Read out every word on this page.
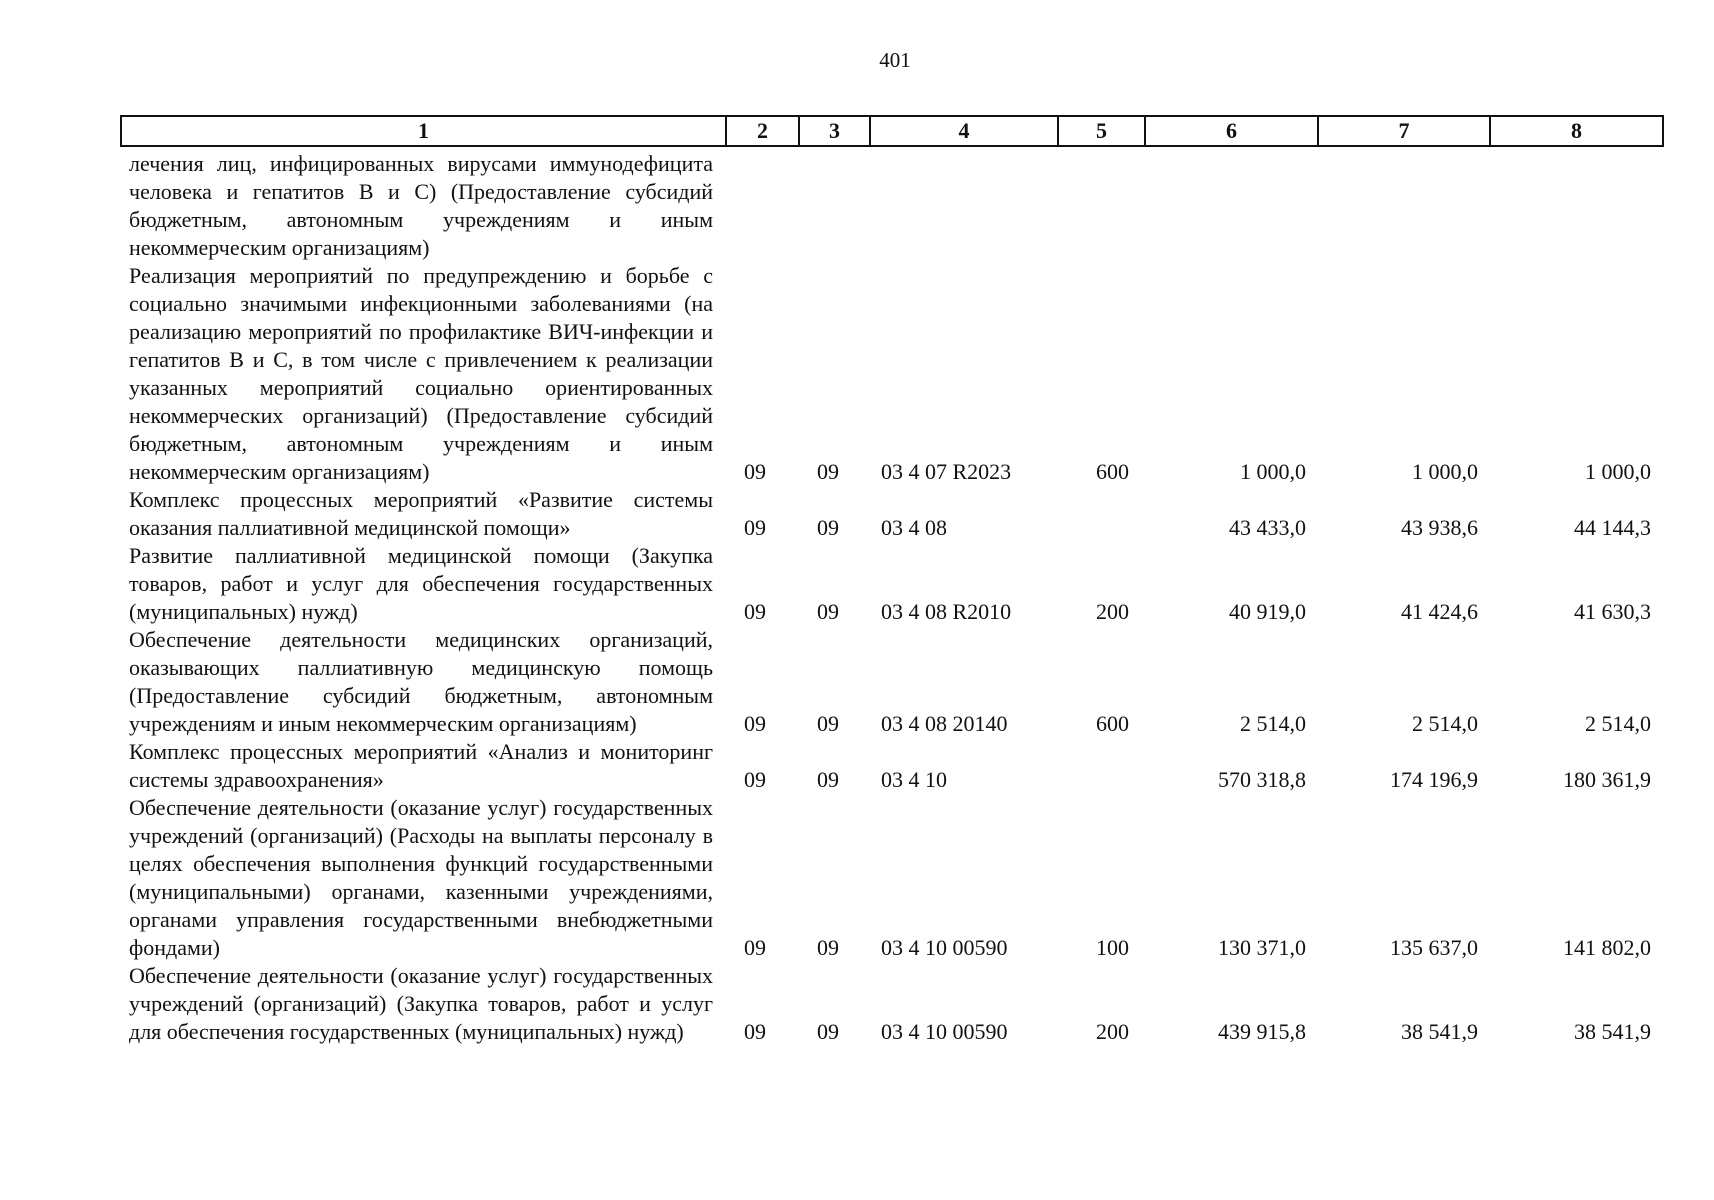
401
1	2	3	4	5	6	7	8
лечения лиц, инфицированных вирусами иммунодефицита человека и гепатитов В и С) (Предоставление субсидий бюджетным, автономным учреждениям и иным некоммерческим организациям)							
Реализация мероприятий по предупреждению и борьбе с социально значимыми инфекционными заболеваниями (на реализацию мероприятий по профилактике ВИЧ-инфекции и гепатитов В и С, в том числе с привлечением к реализации указанных мероприятий социально ориентированных некоммерческих организаций) (Предоставление субсидий бюджетным, автономным учреждениям и иным некоммерческим организациям)	09	09	03 4 07 R2023	600	1 000,0	1 000,0	1 000,0
Комплекс процессных мероприятий «Развитие системы оказания паллиативной медицинской помощи»	09	09	03 4 08		43 433,0	43 938,6	44 144,3
Развитие паллиативной медицинской помощи (Закупка товаров, работ и услуг для обеспечения государственных (муниципальных) нужд)	09	09	03 4 08 R2010	200	40 919,0	41 424,6	41 630,3
Обеспечение деятельности медицинских организаций, оказывающих паллиативную медицинскую помощь (Предоставление субсидий бюджетным, автономным учреждениям и иным некоммерческим организациям)	09	09	03 4 08 20140	600	2 514,0	2 514,0	2 514,0
Комплекс процессных мероприятий «Анализ и мониторинг системы здравоохранения»	09	09	03 4 10		570 318,8	174 196,9	180 361,9
Обеспечение деятельности (оказание услуг) государственных учреждений (организаций) (Расходы на выплаты персоналу в целях обеспечения выполнения функций государственными (муниципальными) органами, казенными учреждениями, органами управления государственными внебюджетными фондами)	09	09	03 4 10 00590	100	130 371,0	135 637,0	141 802,0
Обеспечение деятельности (оказание услуг) государственных учреждений (организаций) (Закупка товаров, работ и услуг для обеспечения государственных (муниципальных) нужд)	09	09	03 4 10 00590	200	439 915,8	38 541,9	38 541,9
